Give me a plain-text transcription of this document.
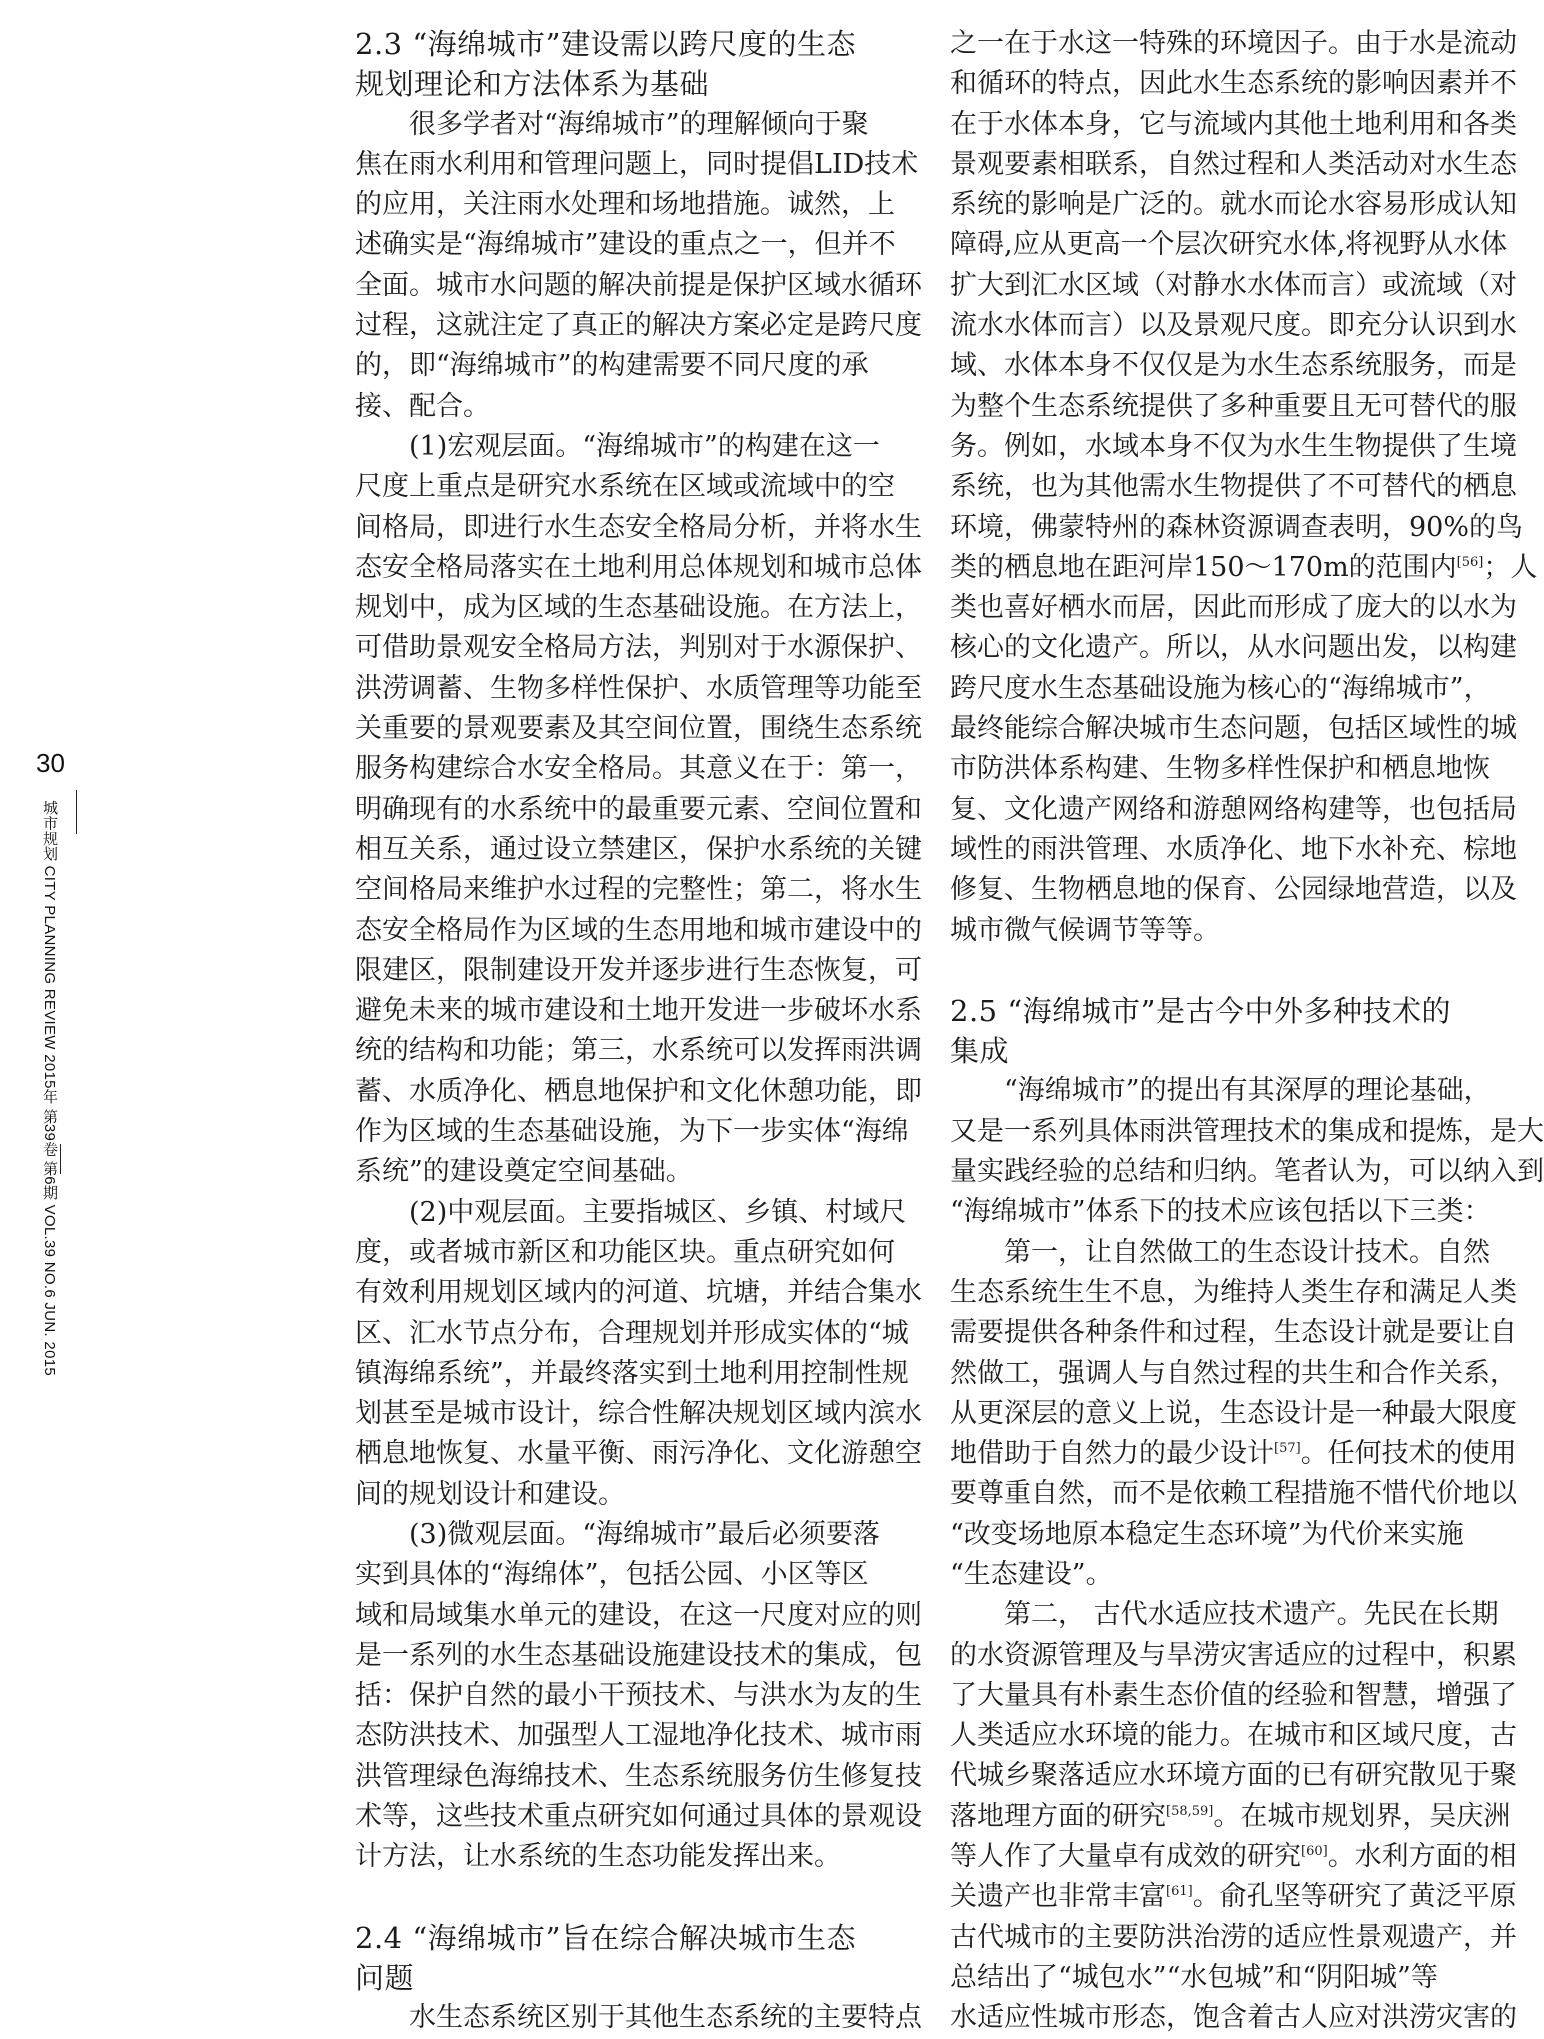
30
城市规划 CITY PLANNING REVIEW 2015年 第39卷 第6期 VOL.39 NO.6 JUN. 2015
2.3 “海绵城市”建设需以跨尺度的生态
规划理论和方法体系为基础
很多学者对“海绵城市”的理解倾向于聚
焦在雨水利用和管理问题上，同时提倡LID技术
的应用，关注雨水处理和场地措施。诚然，上
述确实是“海绵城市”建设的重点之一，但并不
全面。城市水问题的解决前提是保护区域水循环
过程，这就注定了真正的解决方案必定是跨尺度
的，即“海绵城市”的构建需要不同尺度的承
接、配合。
(1)宏观层面。“海绵城市”的构建在这一
尺度上重点是研究水系统在区域或流域中的空
间格局，即进行水生态安全格局分析，并将水生
态安全格局落实在土地利用总体规划和城市总体
规划中，成为区域的生态基础设施。在方法上，
可借助景观安全格局方法，判别对于水源保护、
洪涝调蓄、生物多样性保护、水质管理等功能至
关重要的景观要素及其空间位置，围绕生态系统
服务构建综合水安全格局。其意义在于：第一，
明确现有的水系统中的最重要元素、空间位置和
相互关系，通过设立禁建区，保护水系统的关键
空间格局来维护水过程的完整性；第二，将水生
态安全格局作为区域的生态用地和城市建设中的
限建区，限制建设开发并逐步进行生态恢复，可
避免未来的城市建设和土地开发进一步破坏水系
统的结构和功能；第三，水系统可以发挥雨洪调
蓄、水质净化、栖息地保护和文化休憩功能，即
作为区域的生态基础设施，为下一步实体“海绵
系统”的建设奠定空间基础。
(2)中观层面。主要指城区、乡镇、村域尺
度，或者城市新区和功能区块。重点研究如何
有效利用规划区域内的河道、坑塘，并结合集水
区、汇水节点分布，合理规划并形成实体的“城
镇海绵系统”，并最终落实到土地利用控制性规
划甚至是城市设计，综合性解决规划区域内滨水
栖息地恢复、水量平衡、雨污净化、文化游憩空
间的规划设计和建设。
(3)微观层面。“海绵城市”最后必须要落
实到具体的“海绵体”，包括公园、小区等区
域和局域集水单元的建设，在这一尺度对应的则
是一系列的水生态基础设施建设技术的集成，包
括：保护自然的最小干预技术、与洪水为友的生
态防洪技术、加强型人工湿地净化技术、城市雨
洪管理绿色海绵技术、生态系统服务仿生修复技
术等，这些技术重点研究如何通过具体的景观设
计方法，让水系统的生态功能发挥出来。
2.4 “海绵城市”旨在综合解决城市生态
问题
水生态系统区别于其他生态系统的主要特点
之一在于水这一特殊的环境因子。由于水是流动
和循环的特点，因此水生态系统的影响因素并不
在于水体本身，它与流域内其他土地利用和各类
景观要素相联系，自然过程和人类活动对水生态
系统的影响是广泛的。就水而论水容易形成认知
障碍,应从更高一个层次研究水体,将视野从水体
扩大到汇水区域（对静水水体而言）或流域（对
流水水体而言）以及景观尺度。即充分认识到水
域、水体本身不仅仅是为水生态系统服务，而是
为整个生态系统提供了多种重要且无可替代的服
务。例如，水域本身不仅为水生生物提供了生境
系统，也为其他需水生物提供了不可替代的栖息
环境，佛蒙特州的森林资源调查表明，90%的鸟
类的栖息地在距河岸150～170m的范围内[56]；人
类也喜好栖水而居，因此而形成了庞大的以水为
核心的文化遗产。所以，从水问题出发，以构建
跨尺度水生态基础设施为核心的“海绵城市”，
最终能综合解决城市生态问题，包括区域性的城
市防洪体系构建、生物多样性保护和栖息地恢
复、文化遗产网络和游憩网络构建等，也包括局
域性的雨洪管理、水质净化、地下水补充、棕地
修复、生物栖息地的保育、公园绿地营造，以及
城市微气候调节等等。
2.5 “海绵城市”是古今中外多种技术的
集成
“海绵城市”的提出有其深厚的理论基础，
又是一系列具体雨洪管理技术的集成和提炼，是大
量实践经验的总结和归纳。笔者认为，可以纳入到
“海绵城市”体系下的技术应该包括以下三类：
第一，让自然做工的生态设计技术。自然
生态系统生生不息，为维持人类生存和满足人类
需要提供各种条件和过程，生态设计就是要让自
然做工，强调人与自然过程的共生和合作关系，
从更深层的意义上说，生态设计是一种最大限度
地借助于自然力的最少设计[57]。任何技术的使用
要尊重自然，而不是依赖工程措施不惜代价地以
“改变场地原本稳定生态环境”为代价来实施
“生态建设”。
第二， 古代水适应技术遗产。先民在长期
的水资源管理及与旱涝灾害适应的过程中，积累
了大量具有朴素生态价值的经验和智慧，增强了
人类适应水环境的能力。在城市和区域尺度，古
代城乡聚落适应水环境方面的已有研究散见于聚
落地理方面的研究[58,59]。在城市规划界，吴庆洲
等人作了大量卓有成效的研究[60]。水利方面的相
关遗产也非常丰富[61]。俞孔坚等研究了黄泛平原
古代城市的主要防洪治涝的适应性景观遗产，并
总结出了“城包水”“水包城”和“阴阳城”等
水适应性城市形态，饱含着古人应对洪涝灾害的
